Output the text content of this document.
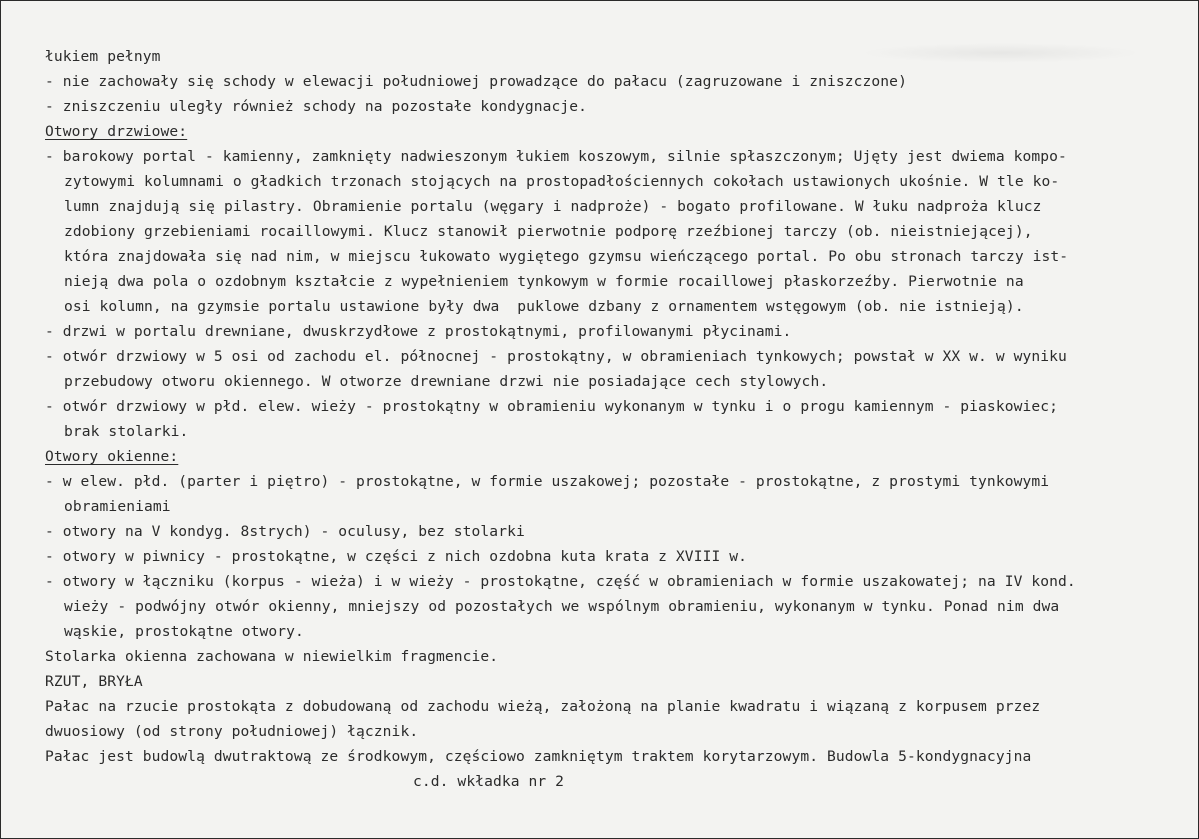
łukiem pełnym
- nie zachowały się schody w elewacji południowej prowadzące do pałacu (zagruzowane i zniszczone)
- zniszczeniu uległy również schody na pozostałe kondygnacje.
Otwory drzwiowe:
- barokowy portal - kamienny, zamknięty nadwieszonym łukiem koszowym, silnie spłaszczonym; Ujęty jest dwiema kompo-
zytowymi kolumnami o gładkich trzonach stojących na prostopadłościennych cokołach ustawionych ukośnie. W tle ko-
lumn znajdują się pilastry. Obramienie portalu (węgary i nadproże) - bogato profilowane. W łuku nadproża klucz
zdobiony grzebieniami rocaillowymi. Klucz stanowił pierwotnie podporę rzeźbionej tarczy (ob. nieistniejącej),
która znajdowała się nad nim, w miejscu łukowato wygiętego gzymsu wieńczącego portal. Po obu stronach tarczy ist-
nieją dwa pola o ozdobnym kształcie z wypełnieniem tynkowym w formie rocaillowej płaskorzeźby. Pierwotnie na
osi kolumn, na gzymsie portalu ustawione były dwa  puklowe dzbany z ornamentem wstęgowym (ob. nie istnieją).
- drzwi w portalu drewniane, dwuskrzydłowe z prostokątnymi, profilowanymi płycinami.
- otwór drzwiowy w 5 osi od zachodu el. północnej - prostokątny, w obramieniach tynkowych; powstał w XX w. w wyniku
przebudowy otworu okiennego. W otworze drewniane drzwi nie posiadające cech stylowych.
- otwór drzwiowy w płd. elew. wieży - prostokątny w obramieniu wykonanym w tynku i o progu kamiennym - piaskowiec;
brak stolarki.
Otwory okienne:
- w elew. płd. (parter i piętro) - prostokątne, w formie uszakowej; pozostałe - prostokątne, z prostymi tynkowymi
obramieniami
- otwory na V kondyg. 8strych) - oculusy, bez stolarki
- otwory w piwnicy - prostokątne, w części z nich ozdobna kuta krata z XVIII w.
- otwory w łączniku (korpus - wieża) i w wieży - prostokątne, część w obramieniach w formie uszakowatej; na IV kond.
wieży - podwójny otwór okienny, mniejszy od pozostałych we wspólnym obramieniu, wykonanym w tynku. Ponad nim dwa
wąskie, prostokątne otwory.
Stolarka okienna zachowana w niewielkim fragmencie.
RZUT, BRYŁA
Pałac na rzucie prostokąta z dobudowaną od zachodu wieżą, założoną na planie kwadratu i wiązaną z korpusem przez
dwuosiowy (od strony południowej) łącznik.
Pałac jest budowlą dwutraktową ze środkowym, częściowo zamkniętym traktem korytarzowym. Budowla 5-kondygnacyjna
c.d. wkładka nr 2
